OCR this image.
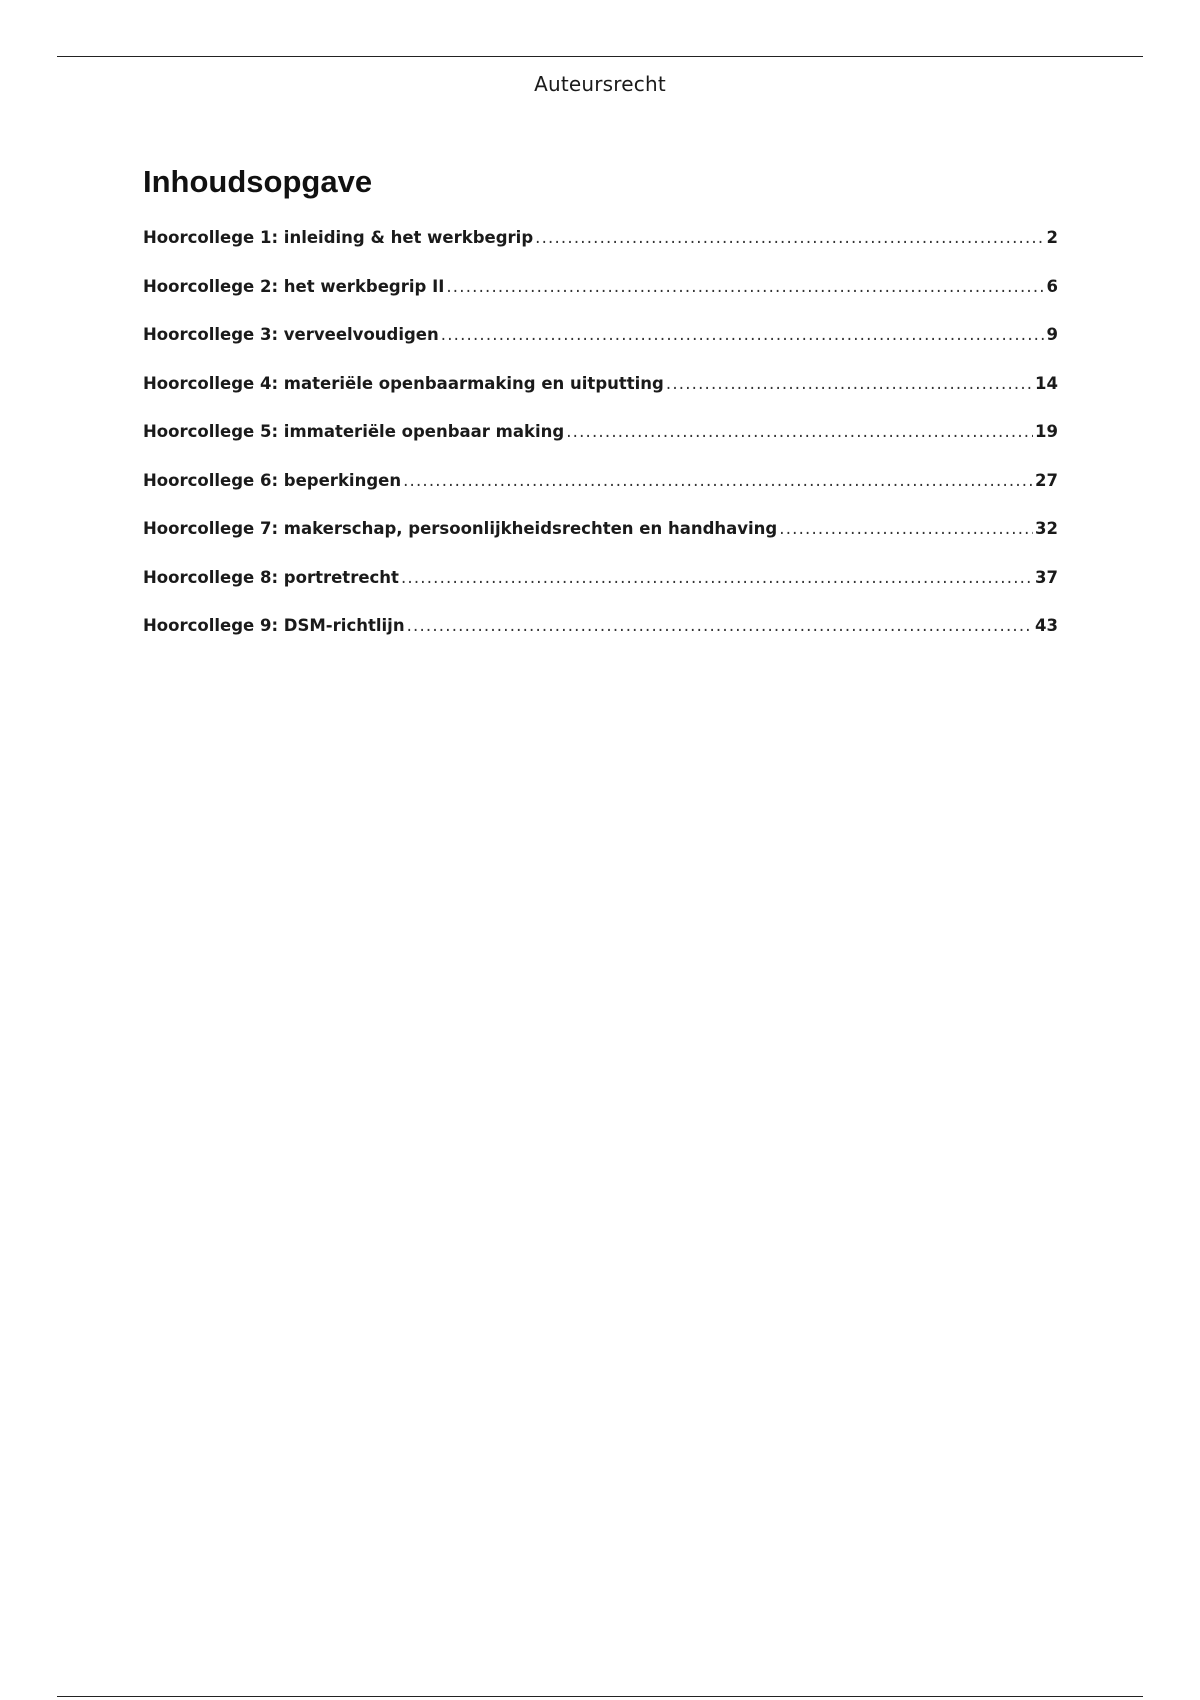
Auteursrecht
Inhoudsopgave
Hoorcollege 1: inleiding & het werkbegrip .....	2
Hoorcollege 2: het werkbegrip II .....	6
Hoorcollege 3: verveelvoudigen .....	9
Hoorcollege 4: materiële openbaarmaking en uitputting .....	14
Hoorcollege 5: immateriële openbaar making .....	19
Hoorcollege 6: beperkingen .....	27
Hoorcollege 7: makerschap, persoonlijkheidsrechten en handhaving .....	32
Hoorcollege 8: portretrecht .....	37
Hoorcollege 9: DSM-richtlijn .....	43
